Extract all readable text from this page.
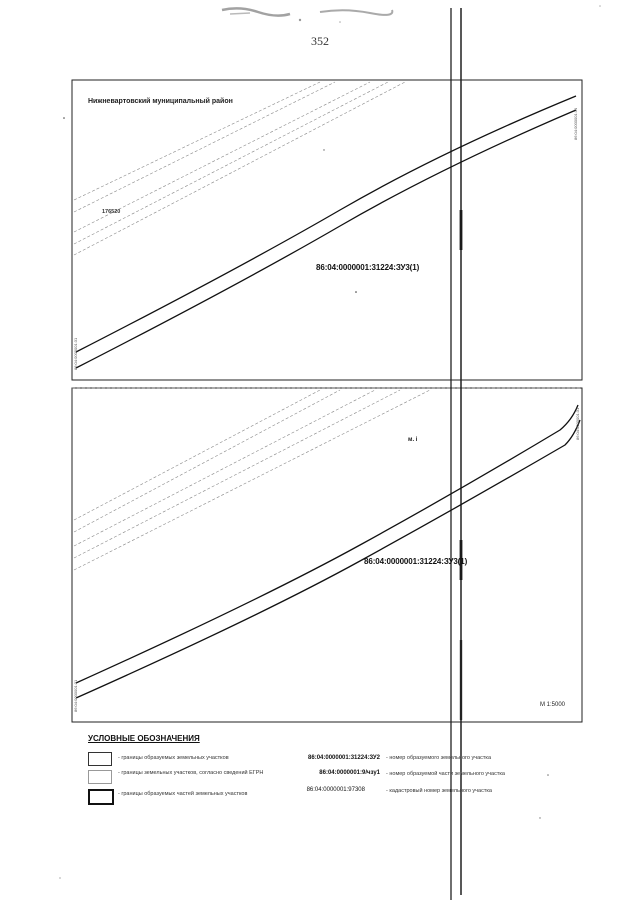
352
86:04:0000001:31
86:04:0000001:31
86:04:0000001:31
86:04:0000001:31
Нижневартовский муниципальный район
176520
86:04:0000001:31224:ЗУ3(1)
86:04:0000001:31224:ЗУ3(1)
м. і
М 1:5000
УСЛОВНЫЕ ОБОЗНАЧЕНИЯ
- границы образуемых земельных участков	86:04:0000001:31224:ЗУ2 - номер образуемого земельного участка
- границы земельных участков, согласно сведений ЕГРН	86:04:0000001:9/чзу1 - номер образуемой части земельного участка
- границы образуемых частей земельных участков
86:04:0000001:97308	- кадастровый номер земельного участка
